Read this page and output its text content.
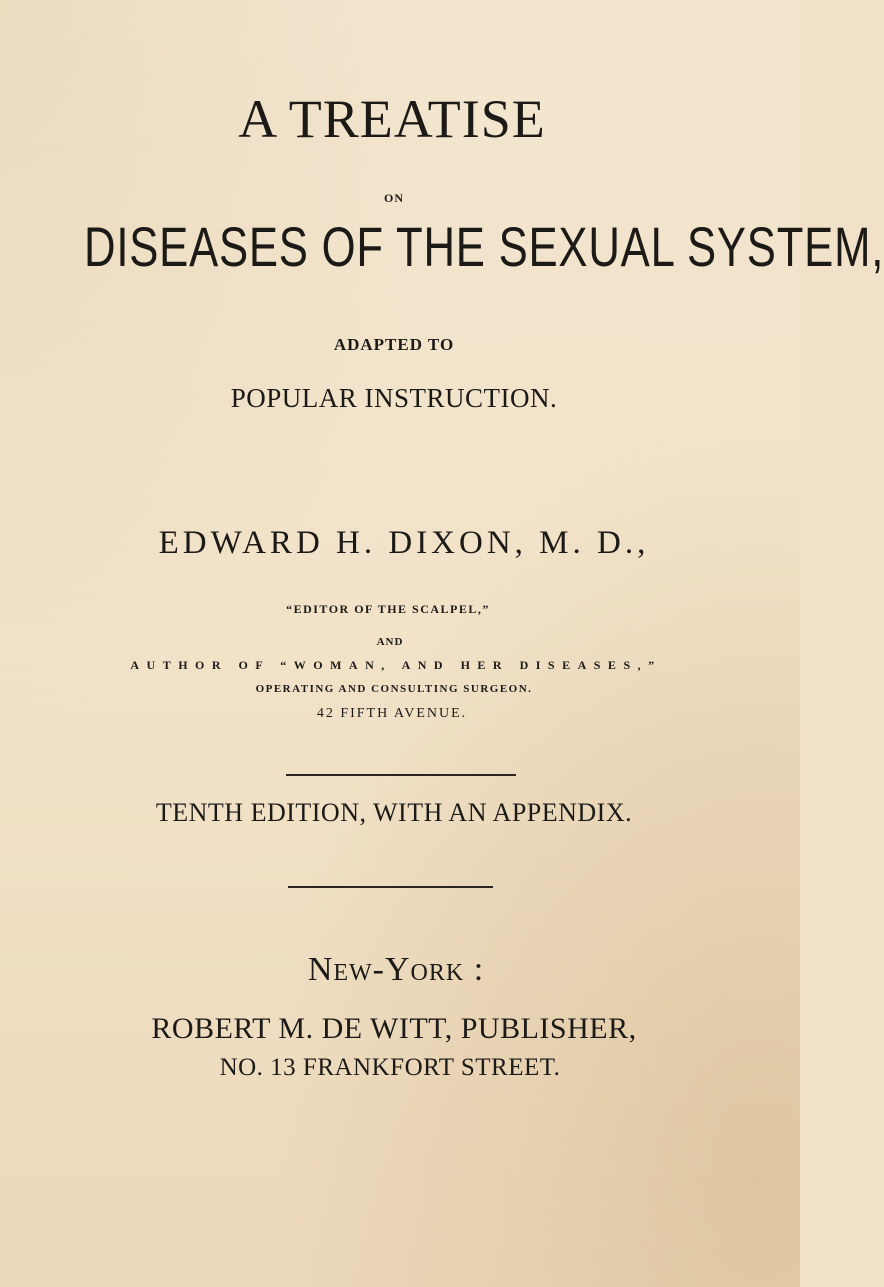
A TREATISE
ON
DISEASES OF THE SEXUAL SYSTEM,
ADAPTED TO
POPULAR INSTRUCTION.
EDWARD H. DIXON, M. D.,
“EDITOR OF THE SCALPEL,”
AND
AUTHOR OF “WOMAN, AND HER DISEASES,”
OPERATING AND CONSULTING SURGEON.
42 FIFTH AVENUE.
TENTH EDITION, WITH AN APPENDIX.
New-York :
ROBERT M. DE WITT, PUBLISHER,
NO. 13 FRANKFORT STREET.
